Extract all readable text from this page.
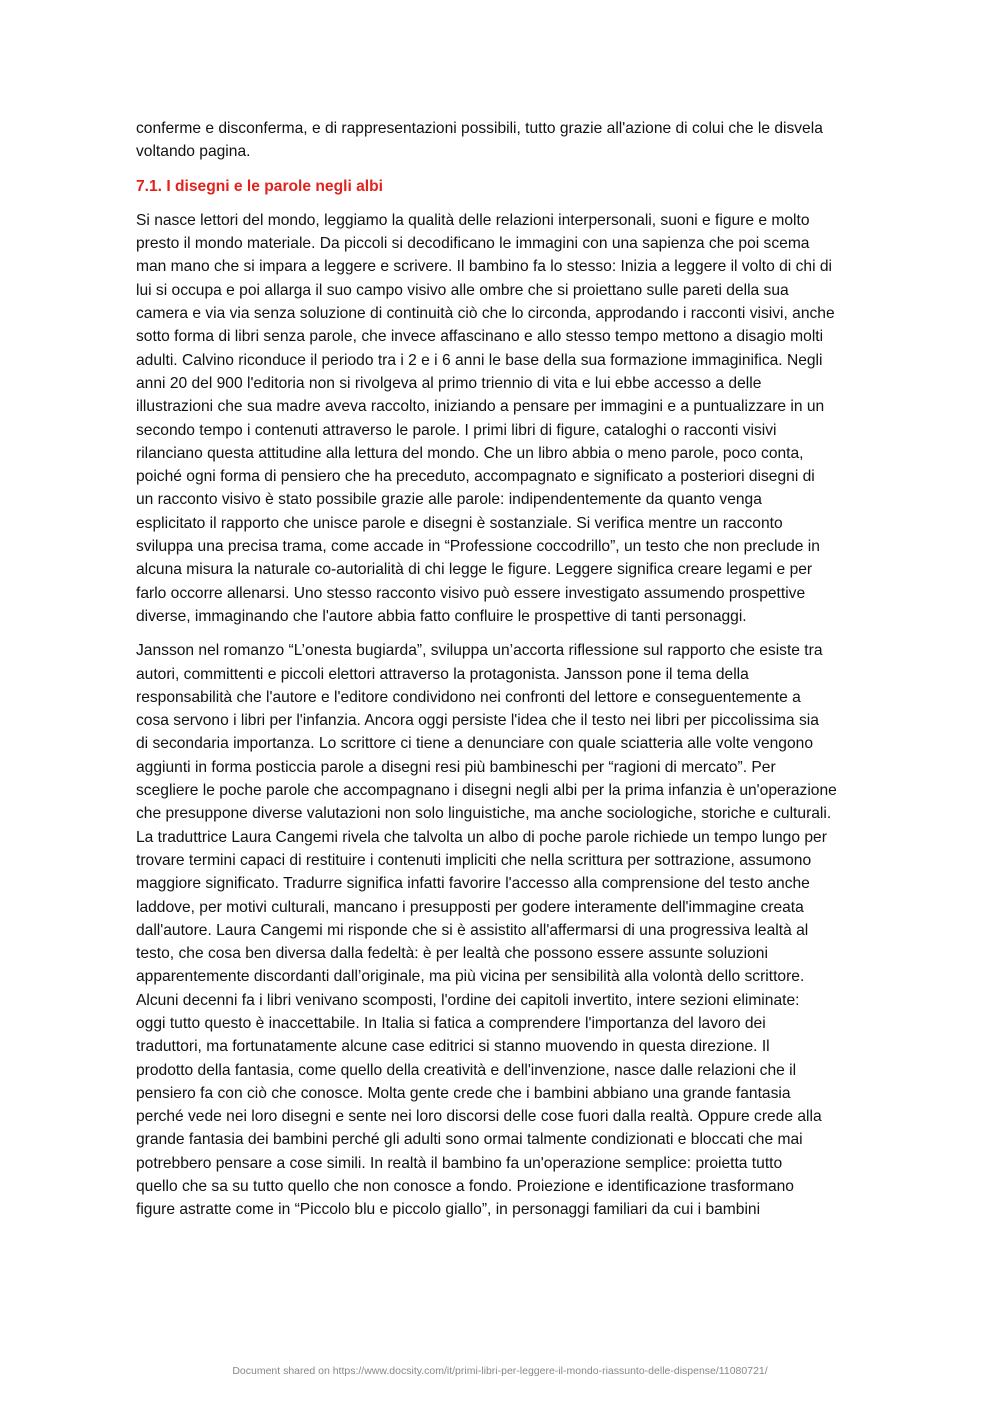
conferme e disconferma, e di rappresentazioni possibili, tutto grazie all'azione di colui che le disvela
voltando pagina.

7.1. I disegni e le parole negli albi

Si nasce lettori del mondo, leggiamo la qualità delle relazioni interpersonali, suoni e figure e molto
presto il mondo materiale. Da piccoli si decodificano le immagini con una sapienza che poi scema
man mano che si impara a leggere e scrivere. Il bambino fa lo stesso: Inizia a leggere il volto di chi di
lui si occupa e poi allarga il suo campo visivo alle ombre che si proiettano sulle pareti della sua
camera e via via senza soluzione di continuità ciò che lo circonda, approdando i racconti visivi, anche
sotto forma di libri senza parole, che invece affascinano e allo stesso tempo mettono a disagio molti
adulti. Calvino riconduce il periodo tra i 2 e i 6 anni le base della sua formazione immaginifica. Negli
anni 20 del 900 l'editoria non si rivolgeva al primo triennio di vita e lui ebbe accesso a delle
illustrazioni che sua madre aveva raccolto, iniziando a pensare per immagini e a puntualizzare in un
secondo tempo i contenuti attraverso le parole. I primi libri di figure, cataloghi o racconti visivi
rilanciano questa attitudine alla lettura del mondo. Che un libro abbia o meno parole, poco conta,
poiché ogni forma di pensiero che ha preceduto, accompagnato e significato a posteriori disegni di
un racconto visivo è stato possibile grazie alle parole: indipendentemente da quanto venga
esplicitato il rapporto che unisce parole e disegni è sostanziale. Si verifica mentre un racconto
sviluppa una precisa trama, come accade in “Professione coccodrillo”, un testo che non preclude in
alcuna misura la naturale co-autorialità di chi legge le figure. Leggere significa creare legami e per
farlo occorre allenarsi. Uno stesso racconto visivo può essere investigato assumendo prospettive
diverse, immaginando che l'autore abbia fatto confluire le prospettive di tanti personaggi.

Jansson nel romanzo “L’onesta bugiarda”, sviluppa un’accorta riflessione sul rapporto che esiste tra
autori, committenti e piccoli elettori attraverso la protagonista. Jansson pone il tema della
responsabilità che l'autore e l'editore condividono nei confronti del lettore e conseguentemente a
cosa servono i libri per l'infanzia. Ancora oggi persiste l'idea che il testo nei libri per piccolissima sia
di secondaria importanza. Lo scrittore ci tiene a denunciare con quale sciatteria alle volte vengono
aggiunti in forma posticcia parole a disegni resi più bambineschi per “ragioni di mercato”. Per
scegliere le poche parole che accompagnano i disegni negli albi per la prima infanzia è un'operazione
che presuppone diverse valutazioni non solo linguistiche, ma anche sociologiche, storiche e culturali.
La traduttrice Laura Cangemi rivela che talvolta un albo di poche parole richiede un tempo lungo per
trovare termini capaci di restituire i contenuti impliciti che nella scrittura per sottrazione, assumono
maggiore significato. Tradurre significa infatti favorire l'accesso alla comprensione del testo anche
laddove, per motivi culturali, mancano i presupposti per godere interamente dell'immagine creata
dall'autore. Laura Cangemi mi risponde che si è assistito all'affermarsi di una progressiva lealtà al
testo, che cosa ben diversa dalla fedeltà: è per lealtà che possono essere assunte soluzioni
apparentemente discordanti dall’originale, ma più vicina per sensibilità alla volontà dello scrittore.
Alcuni decenni fa i libri venivano scomposti, l'ordine dei capitoli invertito, intere sezioni eliminate:
oggi tutto questo è inaccettabile. In Italia si fatica a comprendere l'importanza del lavoro dei
traduttori, ma fortunatamente alcune case editrici si stanno muovendo in questa direzione. Il
prodotto della fantasia, come quello della creatività e dell'invenzione, nasce dalle relazioni che il
pensiero fa con ciò che conosce. Molta gente crede che i bambini abbiano una grande fantasia
perché vede nei loro disegni e sente nei loro discorsi delle cose fuori dalla realtà. Oppure crede alla
grande fantasia dei bambini perché gli adulti sono ormai talmente condizionati e bloccati che mai
potrebbero pensare a cose simili. In realtà il bambino fa un'operazione semplice: proietta tutto
quello che sa su tutto quello che non conosce a fondo. Proiezione e identificazione trasformano
figure astratte come in “Piccolo blu e piccolo giallo”, in personaggi familiari da cui i bambini

Document shared on https://www.docsity.com/it/primi-libri-per-leggere-il-mondo-riassunto-delle-dispense/11080721/
